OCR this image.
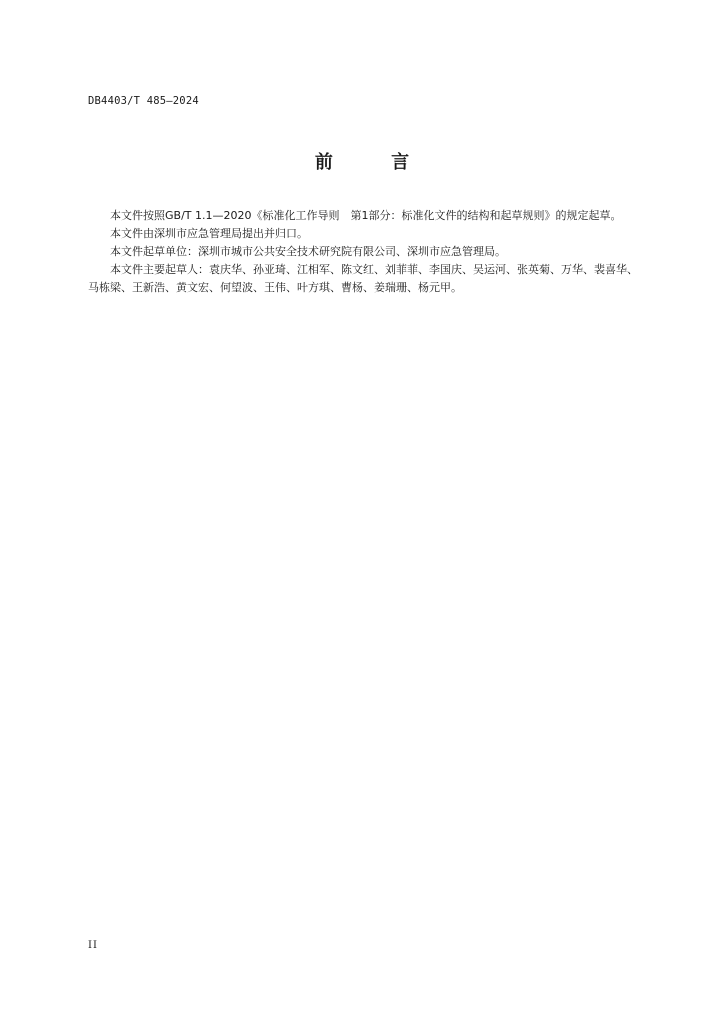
DB4403/T 485—2024
前 言

本文件按照GB/T 1.1—2020《标准化工作导则　第1部分：标准化文件的结构和起草规则》的规定起草。

本文件由深圳市应急管理局提出并归口。

本文件起草单位：深圳市城市公共安全技术研究院有限公司、深圳市应急管理局。

本文件主要起草人：袁庆华、孙亚琦、江相军、陈文红、刘菲菲、李国庆、吴运河、张英菊、万华、裴喜华、马栋梁、王新浩、黄文宏、何望波、王伟、叶方琪、曹杨、姜瑞珊、杨元甲。

II
